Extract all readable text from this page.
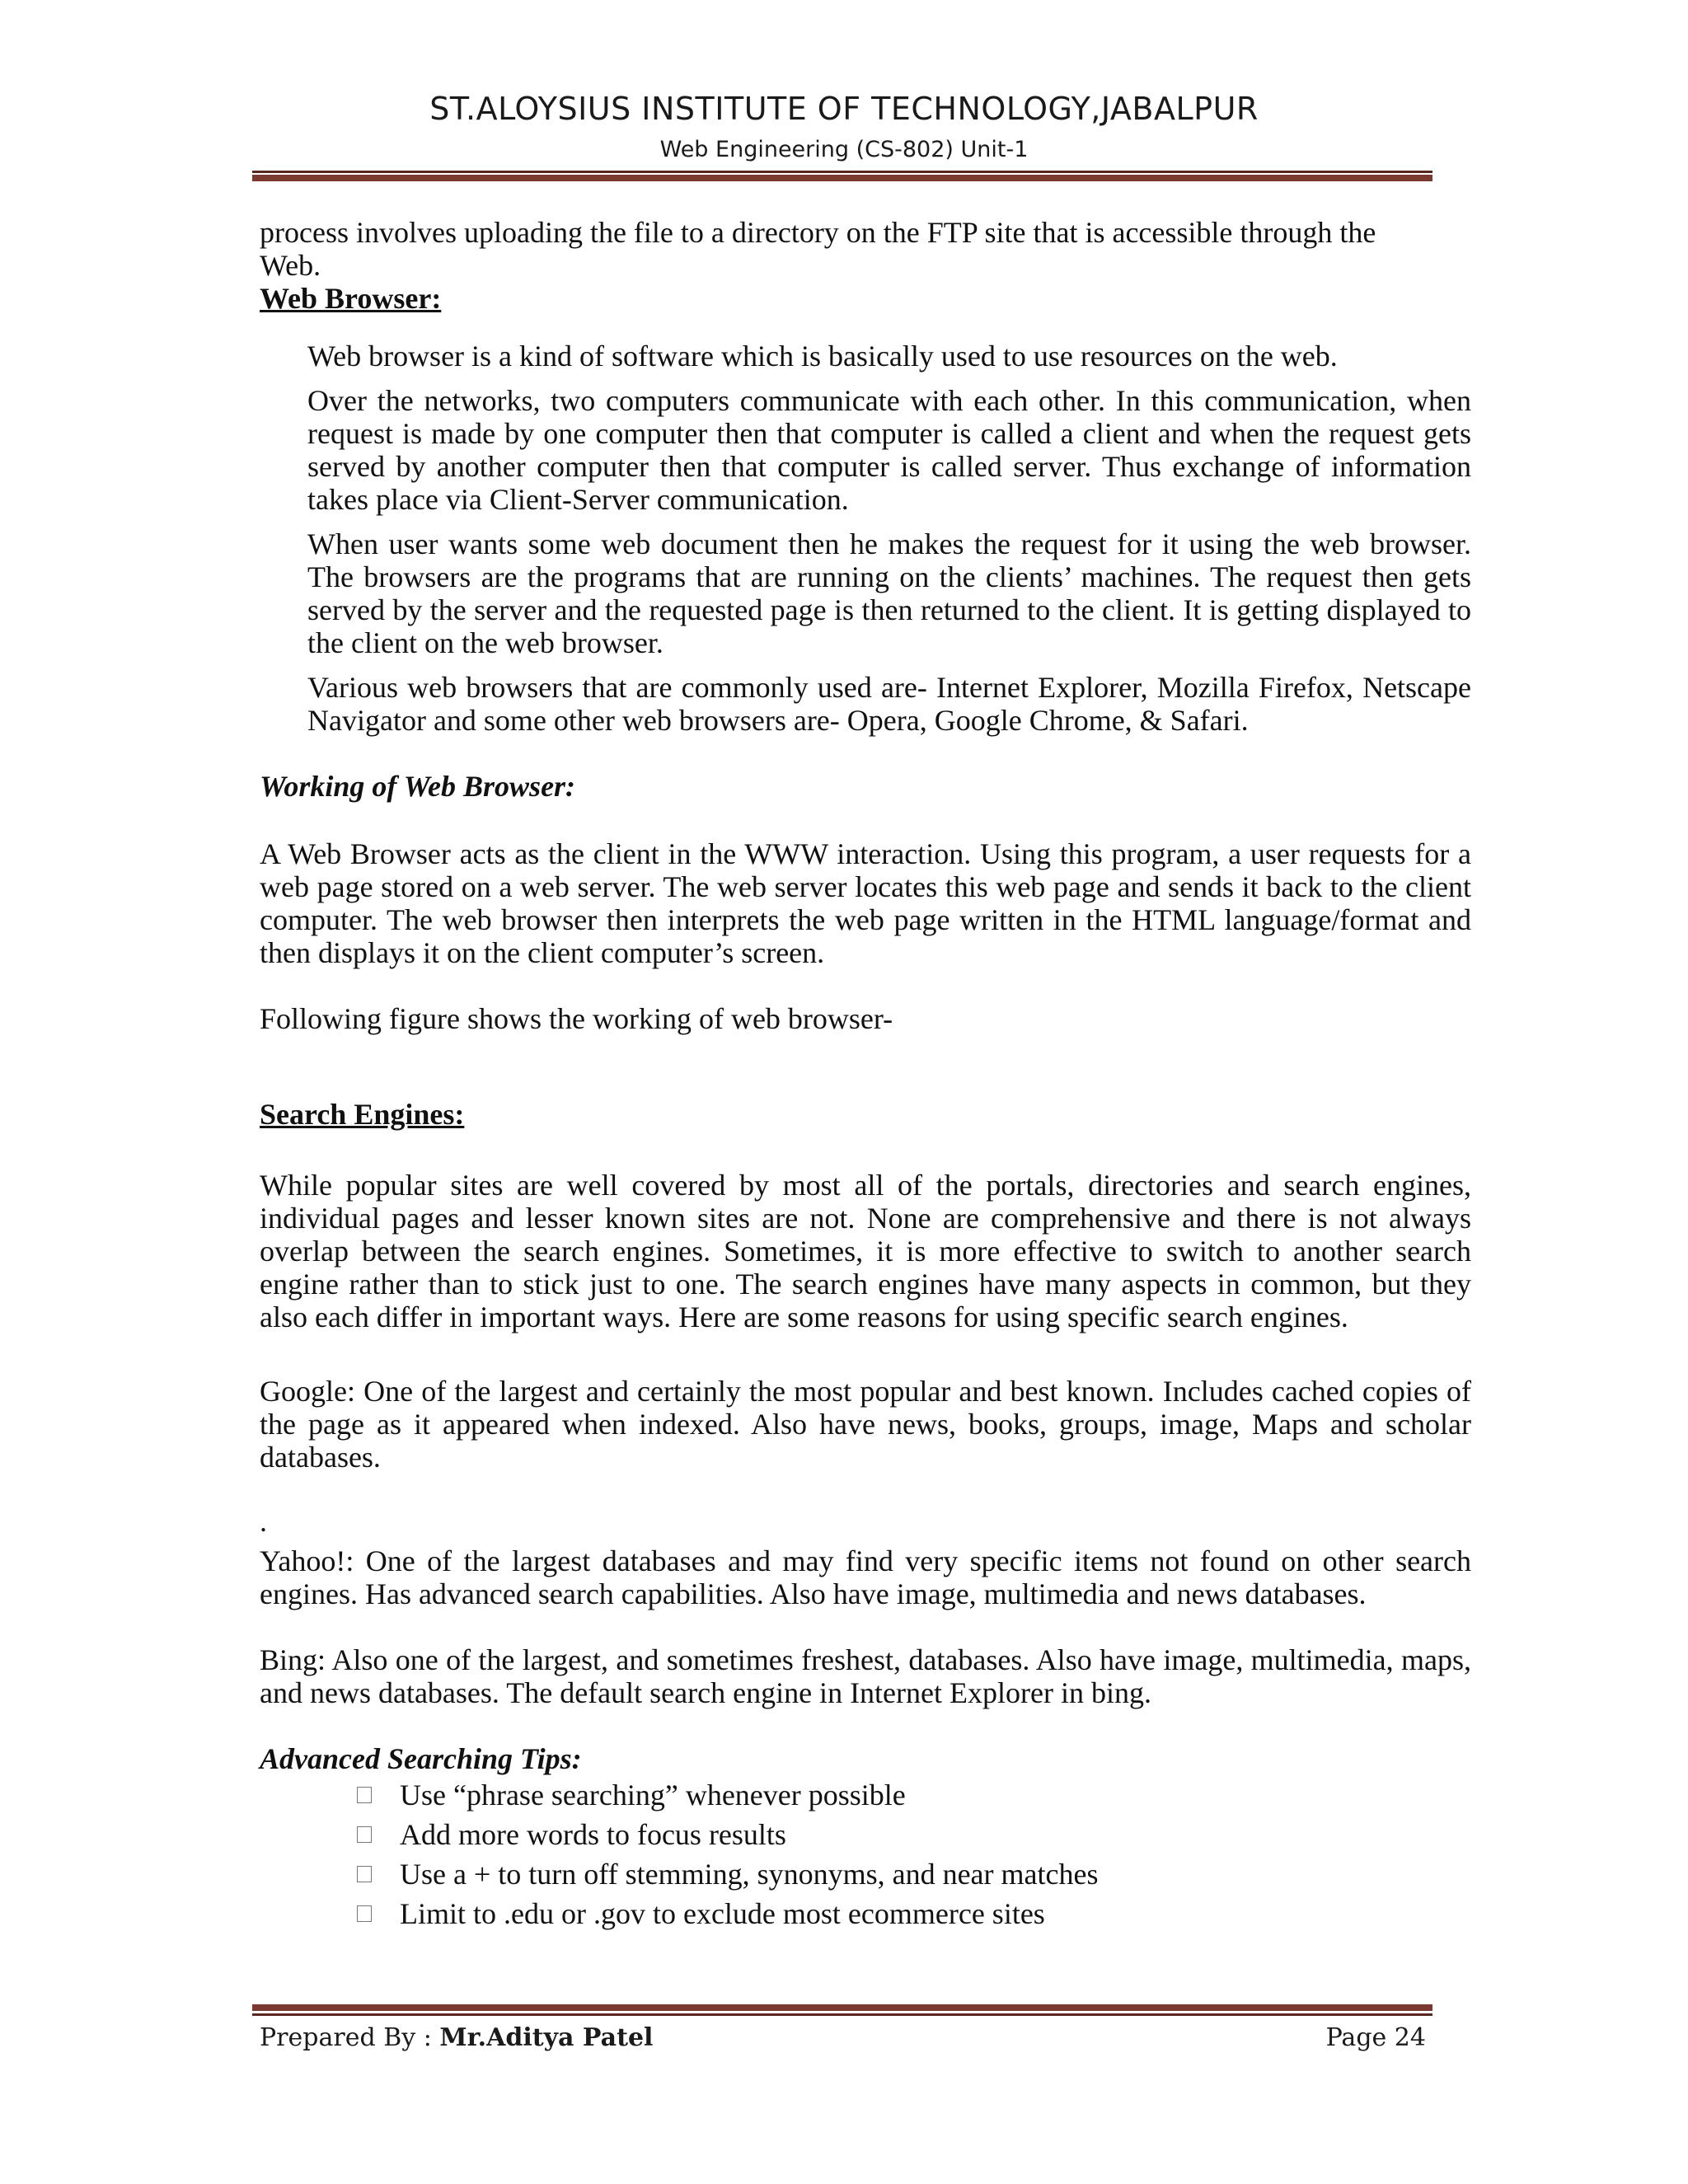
ST.ALOYSIUS INSTITUTE OF TECHNOLOGY,JABALPUR
Web Engineering (CS-802) Unit-1

process involves uploading the file to a directory on the FTP site that is accessible through the

Web.

Web Browser:

Web browser is a kind of software which is basically used to use resources on the web.

Over the networks, two computers communicate with each other. In this communication, when request is made by one computer then that computer is called a client and when the request gets served by another computer then that computer is called server. Thus exchange of information takes place via Client-Server communication.

When user wants some web document then he makes the request for it using the web browser. The browsers are the programs that are running on the clients’ machines. The request then gets served by the server and the requested page is then returned to the client. It is getting displayed to the client on the web browser.

Various web browsers that are commonly used are- Internet Explorer, Mozilla Firefox, Netscape Navigator and some other web browsers are- Opera, Google Chrome, & Safari.

Working of Web Browser:

A Web Browser acts as the client in the WWW interaction. Using this program, a user requests for a web page stored on a web server. The web server locates this web page and sends it back to the client computer. The web browser then interprets the web page written in the HTML language/format and then displays it on the client computer’s screen.

Following figure shows the working of web browser-

Search Engines:

While popular sites are well covered by most all of the portals, directories and search engines, individual pages and lesser known sites are not. None are comprehensive and there is not always overlap between the search engines. Sometimes, it is more effective to switch to another search engine rather than to stick just to one. The search engines have many aspects in common, but they also each differ in important ways. Here are some reasons for using specific search engines.

Google: One of the largest and certainly the most popular and best known. Includes cached copies of the page as it appeared when indexed. Also have news, books, groups, image, Maps and scholar databases.

.

Yahoo!: One of the largest databases and may find very specific items not found on other search engines. Has advanced search capabilities. Also have image, multimedia and news databases.

Bing: Also one of the largest, and sometimes freshest, databases. Also have image, multimedia, maps, and news databases. The default search engine in Internet Explorer in bing.

Advanced Searching Tips:

Use “phrase searching” whenever possible
Add more words to focus results
Use a + to turn off stemming, synonyms, and near matches
Limit to .edu or .gov to exclude most ecommerce sites
Prepared By : Mr.Aditya Patel	Page 24
